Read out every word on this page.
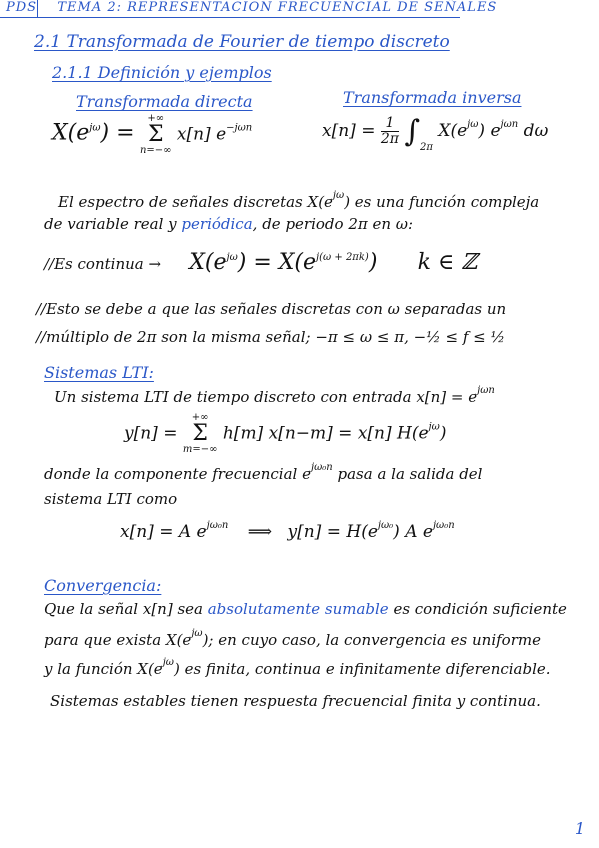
PDS TEMA 2: REPRESENTACION FRECUENCIAL DE SEÑALES
2.1 Transformada de Fourier de tiempo discreto
2.1.1 Definición y ejemplos
Transformada directa	Transformada inversa
$X(e^{j\omega})$ = +∞
Σ
n=−∞ x[n] $e^{-j\omega n}$	$x[n] = \frac{1}{2\pi} \int_{2\pi}$ $X(e^{j\omega})$ $e^{j\omega n}$ dω
El espectro de señales discretas $X(e^{j\omega})$ es una función compleja
de variable real y periódica, de periodo 2π en ω:
//Es continua → $X(e^{j\omega}) = X(e^{j(\omega + 2\pi k)})$ k ∈ ℤ
//Esto se debe a que las señales discretas con ω separadas un
//múltiplo de 2π son la misma señal; −π ≤ ω ≤ π, −½ ≤ f ≤ ½
Sistemas LTI:
Un sistema LTI de tiempo discreto con entrada $x[n] = e^{j\omega n}$
y[n] = +∞
Σ
m=−∞ h[m] x[n−m] = x[n] $H(e^{j\omega})$
donde la componente frecuencial $e^{j\omega_0n}$ pasa a la salida del
sistema LTI como
x[n] = A $e^{j\omega_0n}$ ⟹ $y[n] = H(e^{j\omega_0})$ A $e^{j\omega_0n}$
Convergencia:
Que la señal x[n] sea absolutamente sumable es condición suficiente
para que exista $X(e^{j\omega})$; en cuyo caso, la convergencia es uniforme
y la función $X(e^{j\omega})$ es finita, continua e infinitamente diferenciable.
Sistemas estables tienen respuesta frecuencial finita y continua.
1
